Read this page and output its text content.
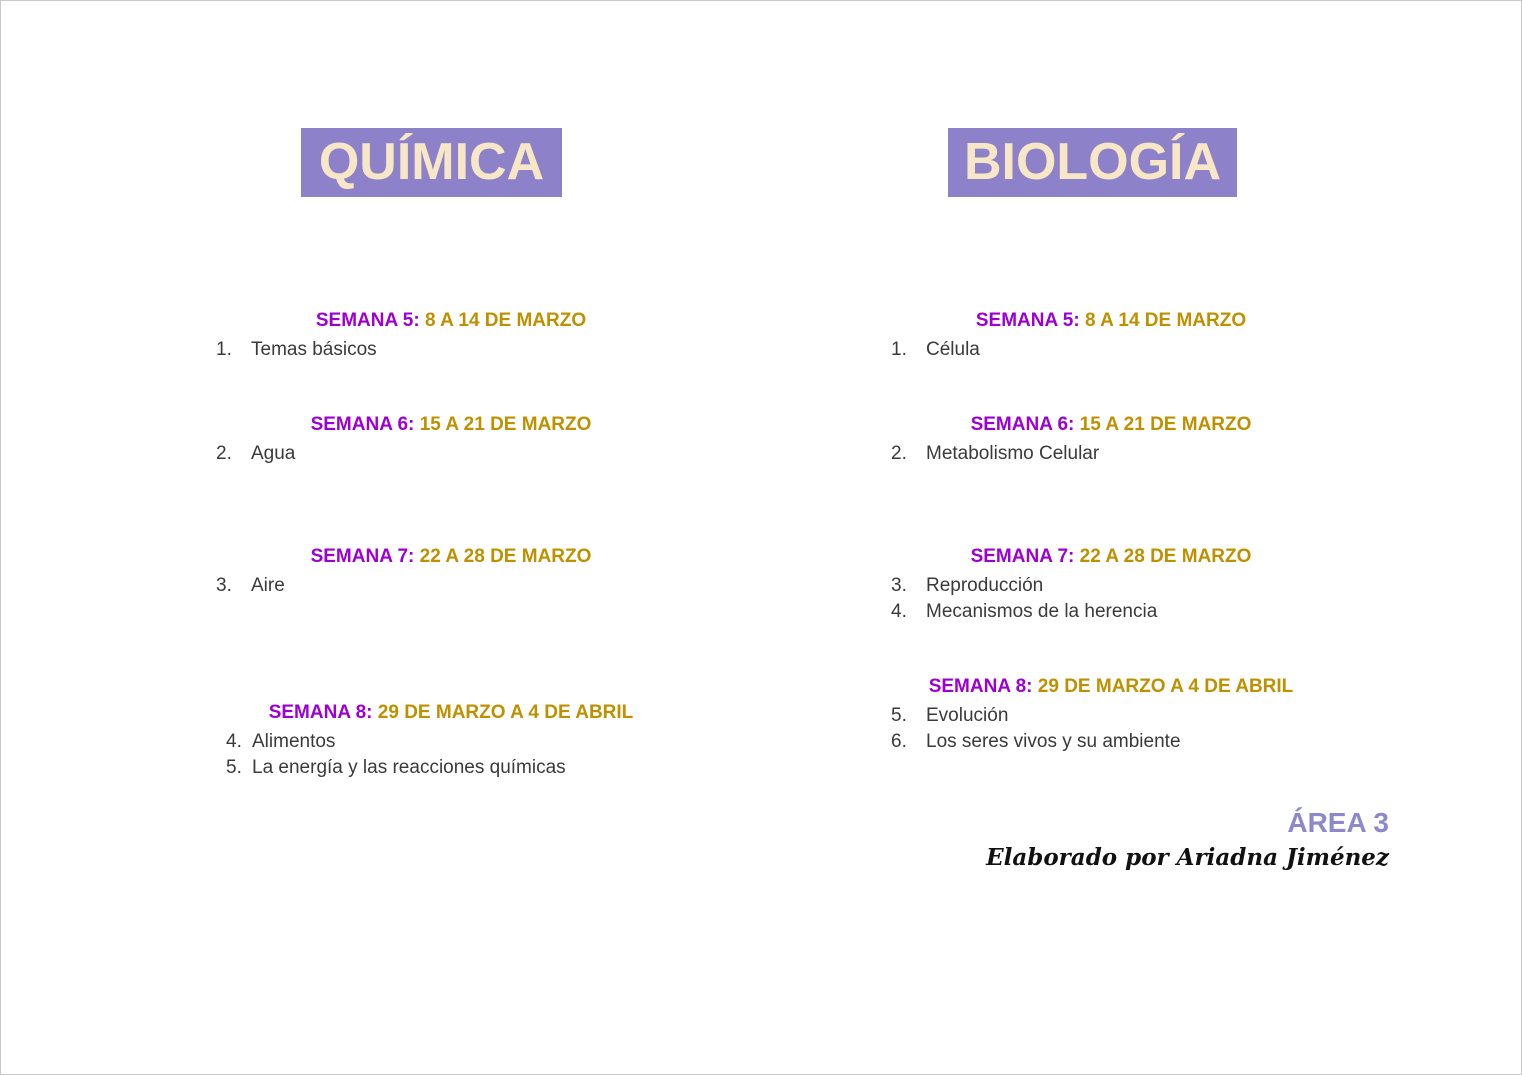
QUÍMICA	BIOLOGÍA
SEMANA 5: 8 A 14 DE MARZO
1. Temas básicos
SEMANA 6: 15 A 21 DE MARZO
2. Agua
SEMANA 7: 22 A 28 DE MARZO
3. Aire
SEMANA 8: 29 DE MARZO A 4 DE ABRIL
4. Alimentos
5. La energía y las reacciones químicas
SEMANA 5: 8 A 14 DE MARZO
1. Célula
SEMANA 6: 15 A 21 DE MARZO
2. Metabolismo Celular
SEMANA 7: 22 A 28 DE MARZO
3. Reproducción
4. Mecanismos de la herencia
SEMANA 8: 29 DE MARZO A 4 DE ABRIL
5. Evolución
6. Los seres vivos y su ambiente
ÁREA 3
Elaborado por Ariadna Jiménez
